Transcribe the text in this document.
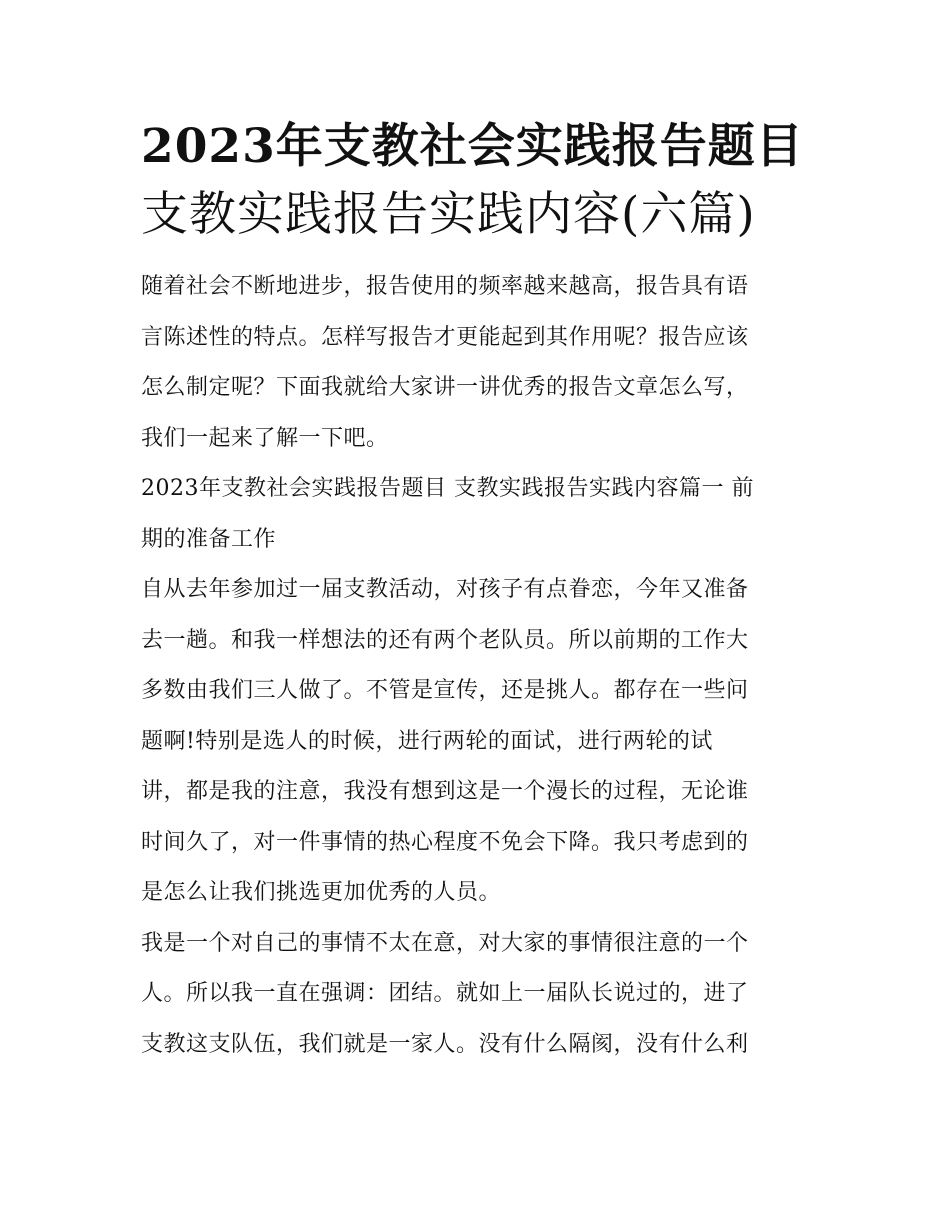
2023年支教社会实践报告题目
支教实践报告实践内容(六篇)

随着社会不断地进步，报告使用的频率越来越高，报告具有语
言陈述性的特点。怎样写报告才更能起到其作用呢？报告应该
怎么制定呢？下面我就给大家讲一讲优秀的报告文章怎么写，
我们一起来了解一下吧。

2023年支教社会实践报告题目 支教实践报告实践内容篇一 前
期的准备工作

自从去年参加过一届支教活动，对孩子有点眷恋，今年又准备
去一趟。和我一样想法的还有两个老队员。所以前期的工作大
多数由我们三人做了。不管是宣传，还是挑人。都存在一些问
题啊!特别是选人的时候，进行两轮的面试，进行两轮的试
讲，都是我的注意，我没有想到这是一个漫长的过程，无论谁
时间久了，对一件事情的热心程度不免会下降。我只考虑到的
是怎么让我们挑选更加优秀的人员。

我是一个对自己的事情不太在意，对大家的事情很注意的一个
人。所以我一直在强调：团结。就如上一届队长说过的，进了
支教这支队伍，我们就是一家人。没有什么隔阂，没有什么利
